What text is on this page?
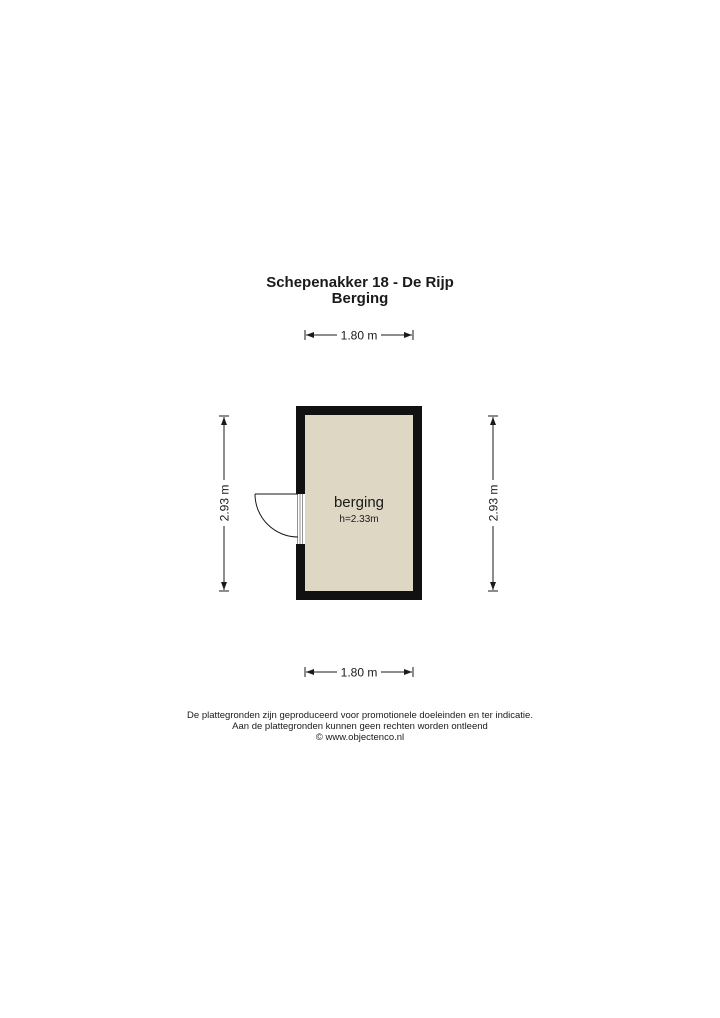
Schepenakker 18 - De Rijp
Berging
1.80 m
1.80 m
2.93 m	2.93 m
berging
h=2.33m
De plattegronden zijn geproduceerd voor promotionele doeleinden en ter indicatie.
Aan de plattegronden kunnen geen rechten worden ontleend
© www.objectenco.nl
